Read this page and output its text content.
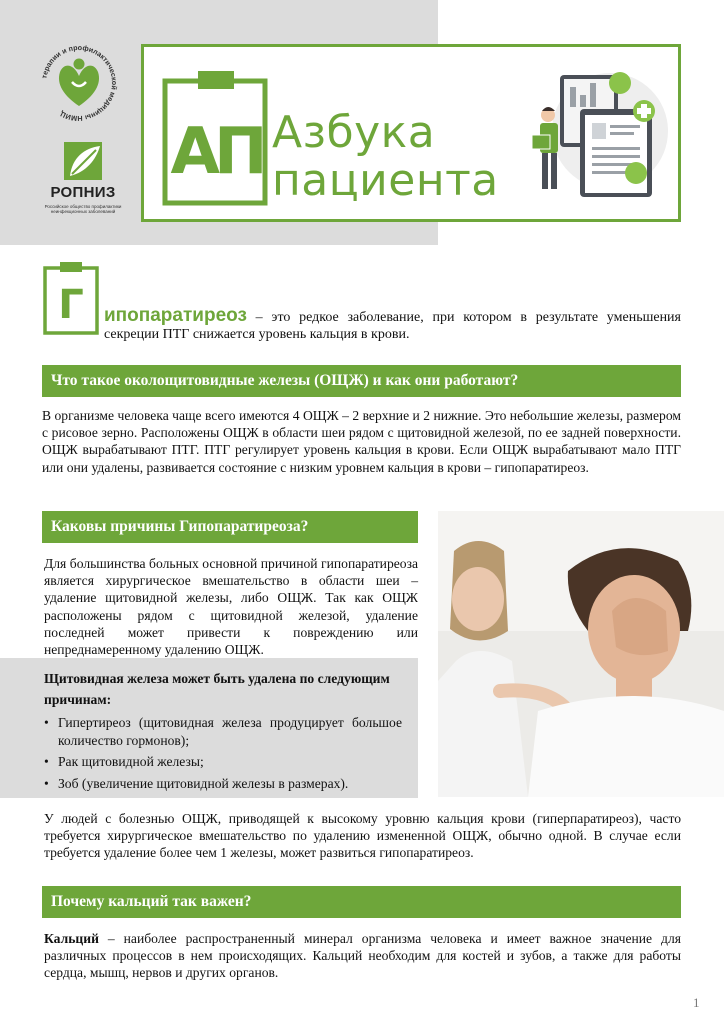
терапии и профилактической медицины НМИЦ
РОПНИЗ
Российское общество профилактики неинфекционных заболеваний
АП Азбука
пациента
Г ипопаратиреоз – это редкое заболевание, при котором в результате уменьшения секреции ПТГ снижается уровень кальция в крови.

Что такое околощитовидные железы (ОЩЖ) и как они работают?

В организме человека чаще всего имеются 4 ОЩЖ – 2 верхние и 2 нижние. Это небольшие железы, размером с рисовое зерно. Расположены ОЩЖ в области шеи рядом с щитовидной железой, по ее задней поверхности. ОЩЖ вырабатывают ПТГ. ПТГ регулирует уровень кальция в крови. Если ОЩЖ вырабатывают мало ПТГ или они удалены, развивается состояние с низким уровнем кальция в крови – гипопаратиреоз.

Каковы причины Гипопаратиреоза?

Для большинства больных основной причиной гипопаратиреоза является хирургическое вмешательство в области шеи – удаление щитовидной железы, либо ОЩЖ. Так как ОЩЖ расположены рядом с щитовидной железой, удаление последней может привести к повреждению или непреднамеренному удалению ОЩЖ.

Щитовидная железа может быть удалена по следующим причинам:

• Гипертиреоз (щитовидная железа продуцирует большое количество гормонов);
• Рак щитовидной железы;
• Зоб (увеличение щитовидной железы в размерах).

У людей с болезнью ОЩЖ, приводящей к высокому уровню кальция крови (гиперпаратиреоз), часто требуется хирургическое вмешательство по удалению измененной ОЩЖ, обычно одной. В случае если требуется удаление более чем 1 железы, может развиться гипопаратиреоз.

Почему кальций так важен?

Кальций – наиболее распространенный минерал организма человека и имеет важное значение для различных процессов в нем происходящих. Кальций необходим для костей и зубов, а также для работы сердца, мышц, нервов и других органов.

1
